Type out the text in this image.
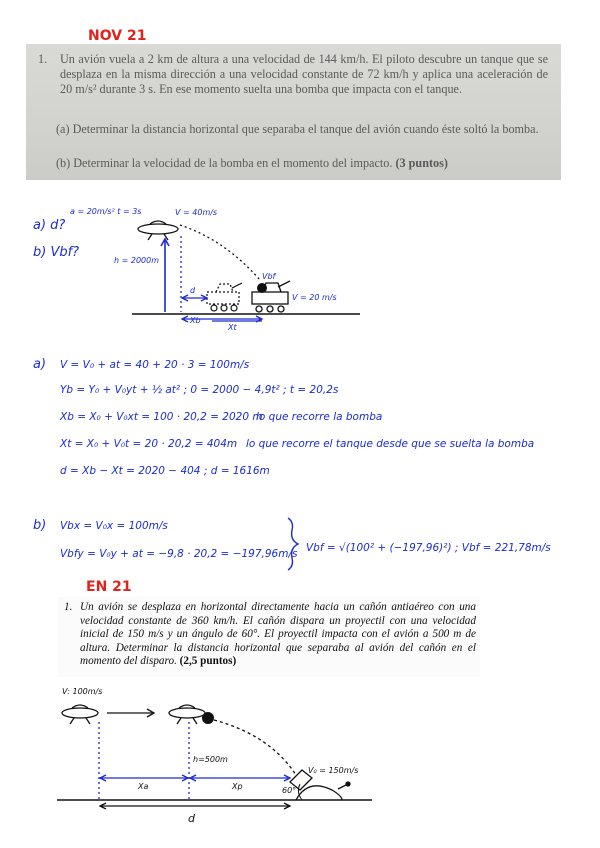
NOV 21
1. Un avión vuela a 2 km de altura a una velocidad de 144 km/h. El piloto descubre un tanque que se desplaza en la misma dirección a una velocidad constante de 72 km/h y aplica una aceleración de 20 m/s² durante 3 s. En ese momento suelta una bomba que impacta con el tanque.
(a) Determinar la distancia horizontal que separaba el tanque del avión cuando éste soltó la bomba.
(b) Determinar la velocidad de la bomba en el momento del impacto. (3 puntos)
a) d?
b) Vbf?
a = 20m/s² t = 3s	V = 40m/s
h = 2000m
d
V = 20 m/s
Vbf
Xb
Xt
a) V = V₀ + at = 40 + 20 · 3 = 100m/s
Yb = Y₀ + V₀yt + ½ at² ; 0 = 2000 − 4,9t² ; t = 20,2s
Xb = X₀ + V₀xt = 100 · 20,2 = 2020 m
lo que recorre la bomba
Xt = X₀ + V₀t = 20 · 20,2 = 404m lo que recorre el tanque desde que se suelta la bomba
d = Xb − Xt = 2020 − 404 ; d = 1616m
b) Vbx = V₀x = 100m/s
Vbfy = V₀y + at = −9,8 · 20,2 = −197,96m/s Vbf = √(100² + (−197,96)²) ; Vbf = 221,78m/s
EN 21
1. Un avión se desplaza en horizontal directamente hacia un cañón antiaéreo con una velocidad constante de 360 km/h. El cañón dispara un proyectil con una velocidad inicial de 150 m/s y un ángulo de 60°. El proyectil impacta con el avión a 500 m de altura. Determinar la distancia horizontal que separaba al avión del cañón en el momento del disparo. (2,5 puntos)
V: 100m/s
h=500m
V₀ = 150m/s
60°
Xa	Xp
d
